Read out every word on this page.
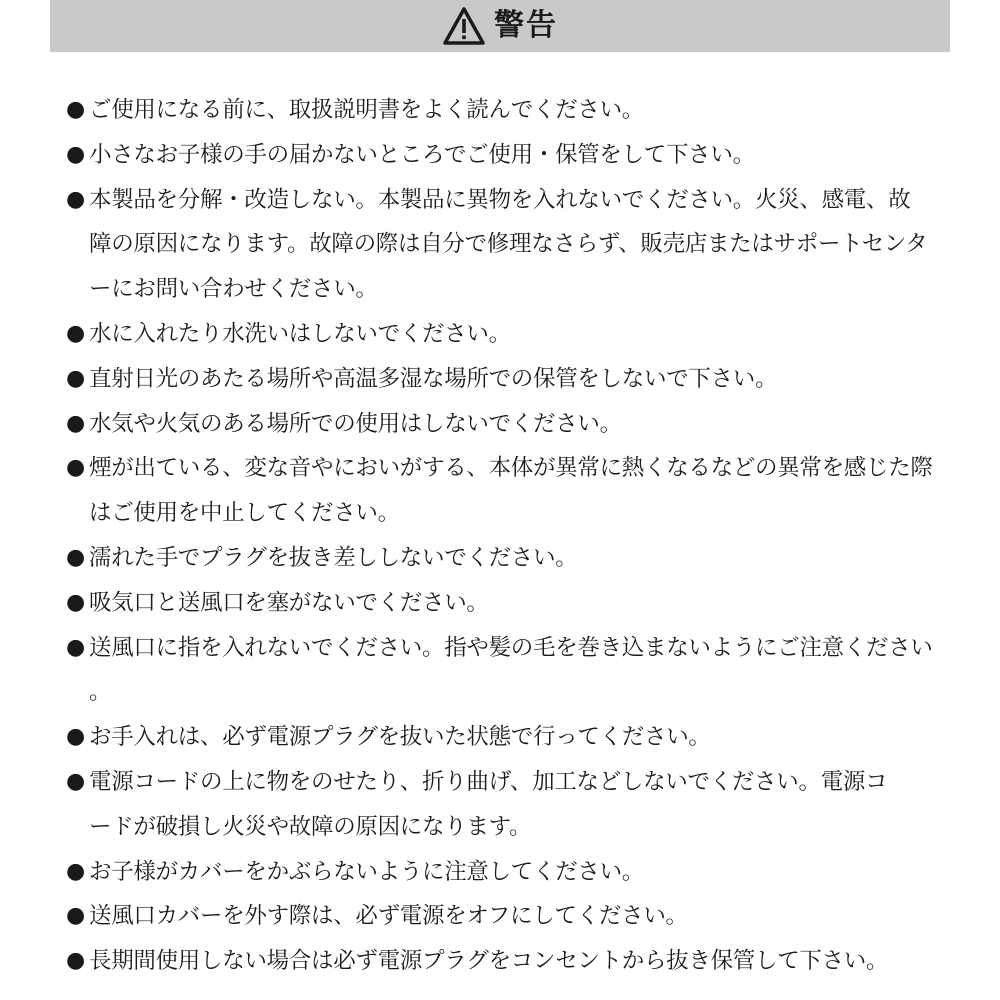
警告
● ご使用になる前に、取扱説明書をよく読んでください。
● 小さなお子様の手の届かないところでご使用・保管をして下さい。
● 本製品を分解・改造しない。本製品に異物を入れないでください。火災、感電、故障の原因になります。故障の際は自分で修理なさらず、販売店またはサポートセンターにお問い合わせください。
● 水に入れたり水洗いはしないでください。
● 直射日光のあたる場所や高温多湿な場所での保管をしないで下さい。
● 水気や火気のある場所での使用はしないでください。
● 煙が出ている、変な音やにおいがする、本体が異常に熱くなるなどの異常を感じた際はご使用を中止してください。
● 濡れた手でプラグを抜き差ししないでください。
● 吸気口と送風口を塞がないでください。
● 送風口に指を入れないでください。指や髪の毛を巻き込まないようにご注意ください。
● お手入れは、必ず電源プラグを抜いた状態で行ってください。
● 電源コードの上に物をのせたり、折り曲げ、加工などしないでください。電源コードが破損し火災や故障の原因になります。
● お子様がカバーをかぶらないように注意してください。
● 送風口カバーを外す際は、必ず電源をオフにしてください。
● 長期間使用しない場合は必ず電源プラグをコンセントから抜き保管して下さい。
